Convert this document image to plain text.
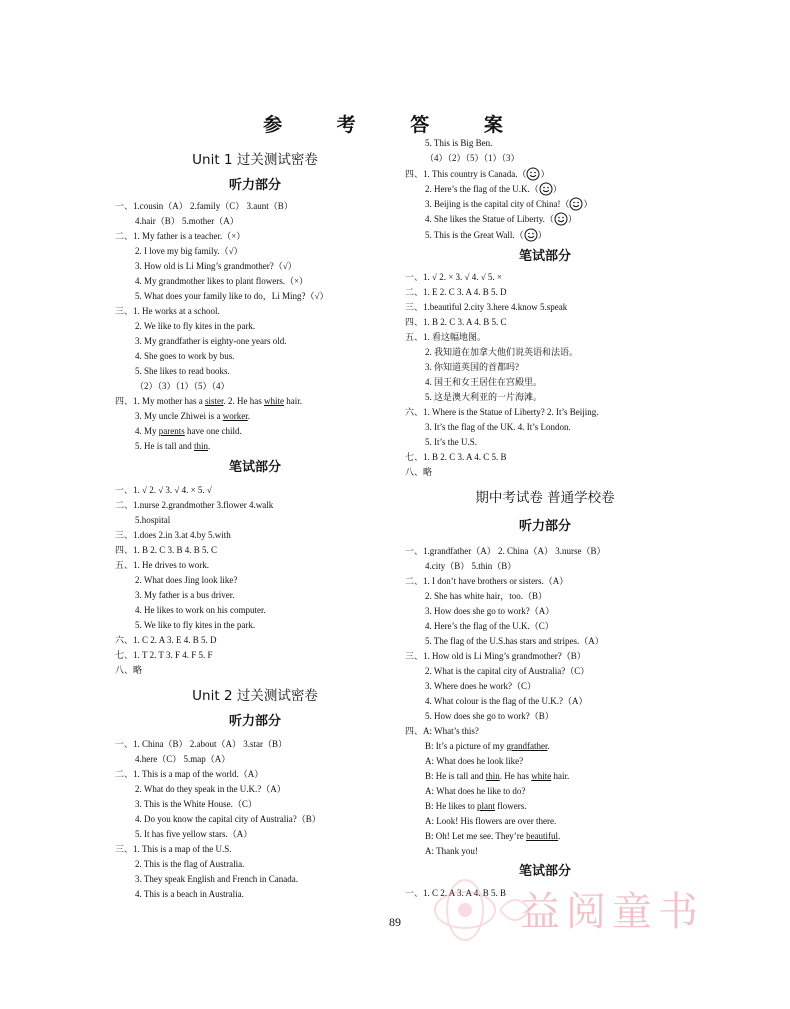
参 考 答 案
Unit 1 过关测试密卷
听力部分
一、1.cousin（A） 2.family（C） 3.aunt（B）
4.hair（B） 5.mother（A）
二、1. My father is a teacher.（×）
2. I love my big family.（√）
3. How old is Li Ming’s grandmother?（√）
4. My grandmother likes to plant flowers.（×）
5. What does your family like to do，Li Ming?（√）
三、1. He works at a school.
2. We like to fly kites in the park.
3. My grandfather is eighty-one years old.
4. She goes to work by bus.
5. She likes to read books.
（2）（3）（1）（5）（4）
四、1. My mother has a sister. 2. He has white hair.
3. My uncle Zhiwei is a worker.
4. My parents have one child.
5. He is tall and thin.
笔试部分
一、1. √ 2. √ 3. √ 4. × 5. √
二、1.nurse 2.grandmother 3.flower 4.walk
5.hospital
三、1.does 2.in 3.at 4.by 5.with
四、1. B 2. C 3. B 4. B 5. C
五、1. He drives to work.
2. What does Jing look like?
3. My father is a bus driver.
4. He likes to work on his computer.
5. We like to fly kites in the park.
六、1. C 2. A 3. E 4. B 5. D
七、1. T 2. T 3. F 4. F 5. F
八、略
Unit 2 过关测试密卷
听力部分
一、1. China（B） 2.about（A） 3.star（B）
4.here（C） 5.map（A）
二、1. This is a map of the world.（A）
2. What do they speak in the U.K.?（A）
3. This is the White House.（C）
4. Do you know the capital city of Australia?（B）
5. It has five yellow stars.（A）
三、1. This is a map of the U.S.
2. This is the flag of Australia.
3. They speak English and French in Canada.
4. This is a beach in Australia.
5. This is Big Ben.
（4）（2）（5）（1）（3）
四、1. This country is Canada.（ ）
2. Here’s the flag of the U.K.（ ）
3. Beijing is the capital city of China!（ ）
4. She likes the Statue of Liberty.（ ）
5. This is the Great Wall.（ ）
笔试部分
一、1. √ 2. × 3. √ 4. √ 5. ×
二、1. E 2. C 3. A 4. B 5. D
三、1.beautiful 2.city 3.here 4.know 5.speak
四、1. B 2. C 3. A 4. B 5. C
五、1. 看这幅地图。
2. 我知道在加拿大他们说英语和法语。
3. 你知道英国的首都吗?
4. 国王和女王居住在宫殿里。
5. 这是澳大利亚的一片海滩。
六、1. Where is the Statue of Liberty? 2. It’s Beijing.
3. It’s the flag of the UK. 4. It’s London.
5. It’s the U.S.
七、1. B 2. C 3. A 4. C 5. B
八、略
期中考试卷 普通学校卷
听力部分
一、1.grandfather（A） 2. China（A） 3.nurse（B）
4.city（B） 5.thin（B）
二、1. I don’t have brothers or sisters.（A）
2. She has white hair，too.（B）
3. How does she go to work?（A）
4. Here’s the flag of the U.K.（C）
5. The flag of the U.S.has stars and stripes.（A）
三、1. How old is Li Ming’s grandmother?（B）
2. What is the capital city of Australia?（C）
3. Where does he work?（C）
4. What colour is the flag of the U.K.?（A）
5. How does she go to work?（B）
四、A: What’s this?
B: It’s a picture of my grandfather.
A: What does he look like?
B: He is tall and thin. He has white hair.
A: What does he like to do?
B: He likes to plant flowers.
A: Look! His flowers are over there.
B: Oh! Let me see. They’re beautiful.
A: Thank you!
笔试部分
一、1. C 2. A 3. A 4. B 5. B 益阅童书
89
